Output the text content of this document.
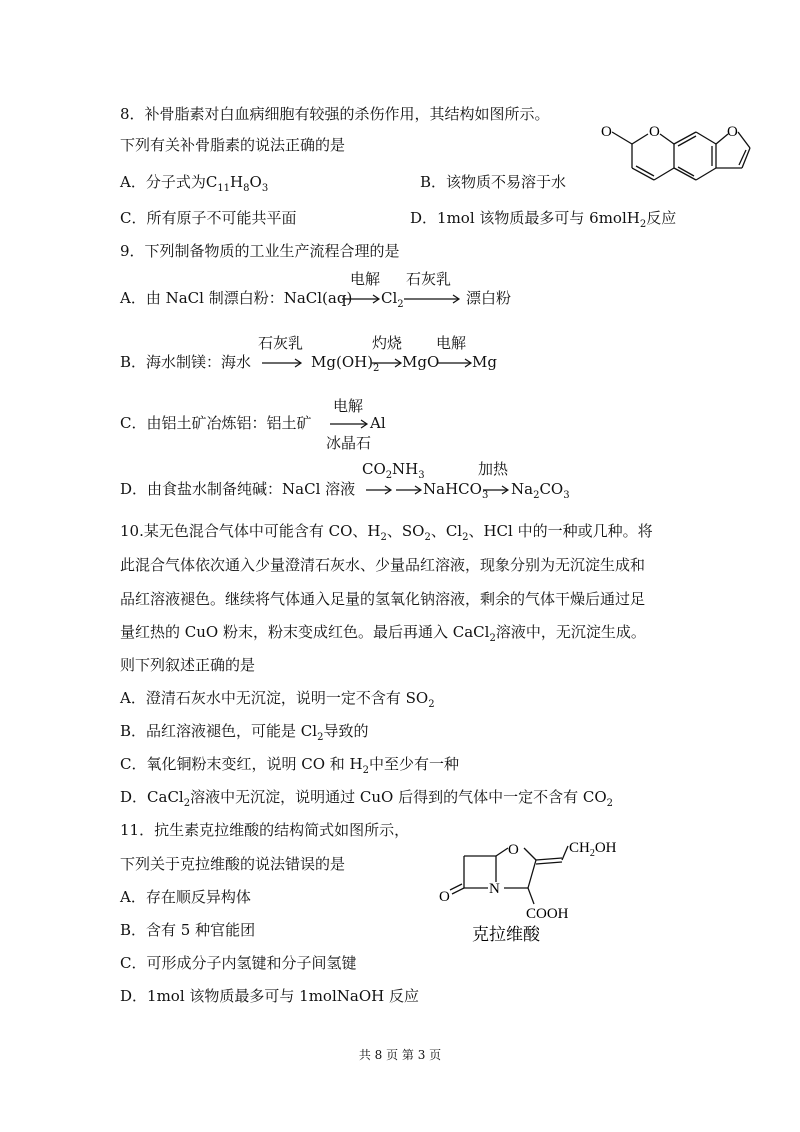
8．补骨脂素对白血病细胞有较强的杀伤作用，其结构如图所示。
下列有关补骨脂素的说法正确的是
A．分子式为$C_{11}H_8O_3$	B．该物质不易溶于水
C．所有原子不可能共平面	D．1mol 该物质最多可与 6molH$_2$反应
O O	O
9．下列制备物质的工业生产流程合理的是
A．由 NaCl 制漂白粉：NaCl(aq)
电解
$Cl_2$
石灰乳
漂白粉
B．海水制镁：海水
石灰乳
$Mg(OH)_2$
灼烧
MgO
电解
Mg
C．由铝土矿冶炼铝：铝土矿
电解
冰晶石
Al
D．由食盐水制备纯碱：NaCl 溶液
$CO_2$ $NH_3$
NaHCO$_3$
加热
$Na_2CO_3$
10.某无色混合气体中可能含有 CO、$H_2$、$SO_2$、$Cl_2$、HCl 中的一种或几种。将
此混合气体依次通入少量澄清石灰水、少量品红溶液，现象分别为无沉淀生成和
品红溶液褪色。继续将气体通入足量的氢氧化钠溶液，剩余的气体干燥后通过足
量红热的 CuO 粉末，粉末变成红色。最后再通入 CaCl$_2$溶液中，无沉淀生成。
则下列叙述正确的是
A．澄清石灰水中无沉淀，说明一定不含有 $SO_2$
B．品红溶液褪色，可能是 $Cl_2$导致的
C．氧化铜粉末变红，说明 CO 和 $H_2$中至少有一种
D．CaCl$_2$溶液中无沉淀，说明通过 CuO 后得到的气体中一定不含有 $CO_2$
11．抗生素克拉维酸的结构简式如图所示，
下列关于克拉维酸的说法错误的是
A．存在顺反异构体
B．含有 5 种官能团
C．可形成分子内氢键和分子间氢键
D．1mol 该物质最多可与 1molNaOH 反应
O	$CH_2OH$
N
O
COOH
克拉维酸
共 8 页 第 3 页
